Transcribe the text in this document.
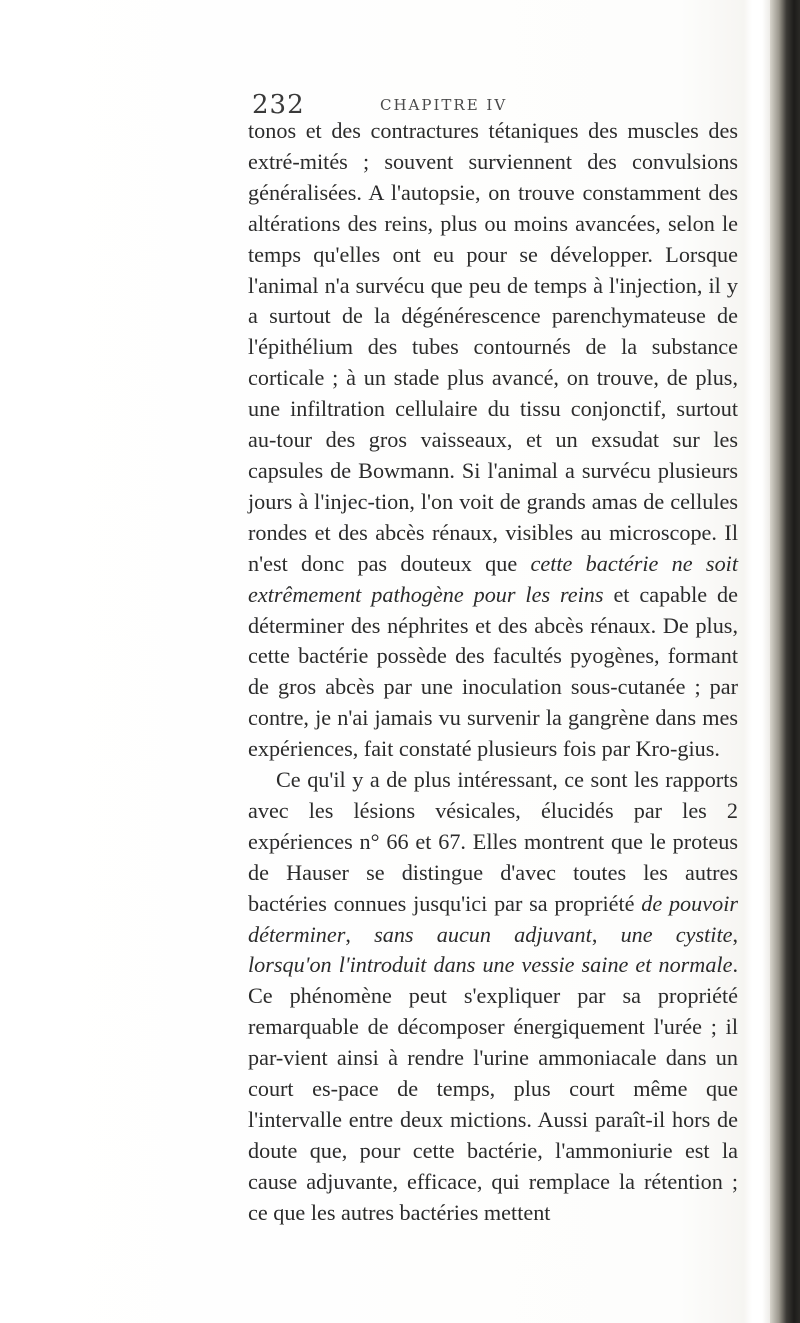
232	CHAPITRE IV

tonos et des contractures tétaniques des muscles des extré-mités ; souvent surviennent des convulsions généralisées. A l'autopsie, on trouve constamment des altérations des reins, plus ou moins avancées, selon le temps qu'elles ont eu pour se développer. Lorsque l'animal n'a survécu que peu de temps à l'injection, il y a surtout de la dégénérescence parenchymateuse de l'épithélium des tubes contournés de la substance corticale ; à un stade plus avancé, on trouve, de plus, une infiltration cellulaire du tissu conjonctif, surtout au-tour des gros vaisseaux, et un exsudat sur les capsules de Bowmann. Si l'animal a survécu plusieurs jours à l'injec-tion, l'on voit de grands amas de cellules rondes et des abcès rénaux, visibles au microscope. Il n'est donc pas douteux que cette bactérie ne soit extrêmement pathogène pour les reins et capable de déterminer des néphrites et des abcès rénaux. De plus, cette bactérie possède des facultés pyogènes, formant de gros abcès par une inoculation sous-cutanée ; par contre, je n'ai jamais vu survenir la gangrène dans mes expériences, fait constaté plusieurs fois par Kro-gius.

Ce qu'il y a de plus intéressant, ce sont les rapports avec les lésions vésicales, élucidés par les 2 expériences n° 66 et 67. Elles montrent que le proteus de Hauser se distingue d'avec toutes les autres bactéries connues jusqu'ici par sa propriété de pouvoir déterminer, sans aucun adjuvant, une cystite, lorsqu'on l'introduit dans une vessie saine et normale. Ce phénomène peut s'expliquer par sa propriété remarquable de décomposer énergiquement l'urée ; il par-vient ainsi à rendre l'urine ammoniacale dans un court es-pace de temps, plus court même que l'intervalle entre deux mictions. Aussi paraît-il hors de doute que, pour cette bactérie, l'ammoniurie est la cause adjuvante, efficace, qui remplace la rétention ; ce que les autres bactéries mettent
